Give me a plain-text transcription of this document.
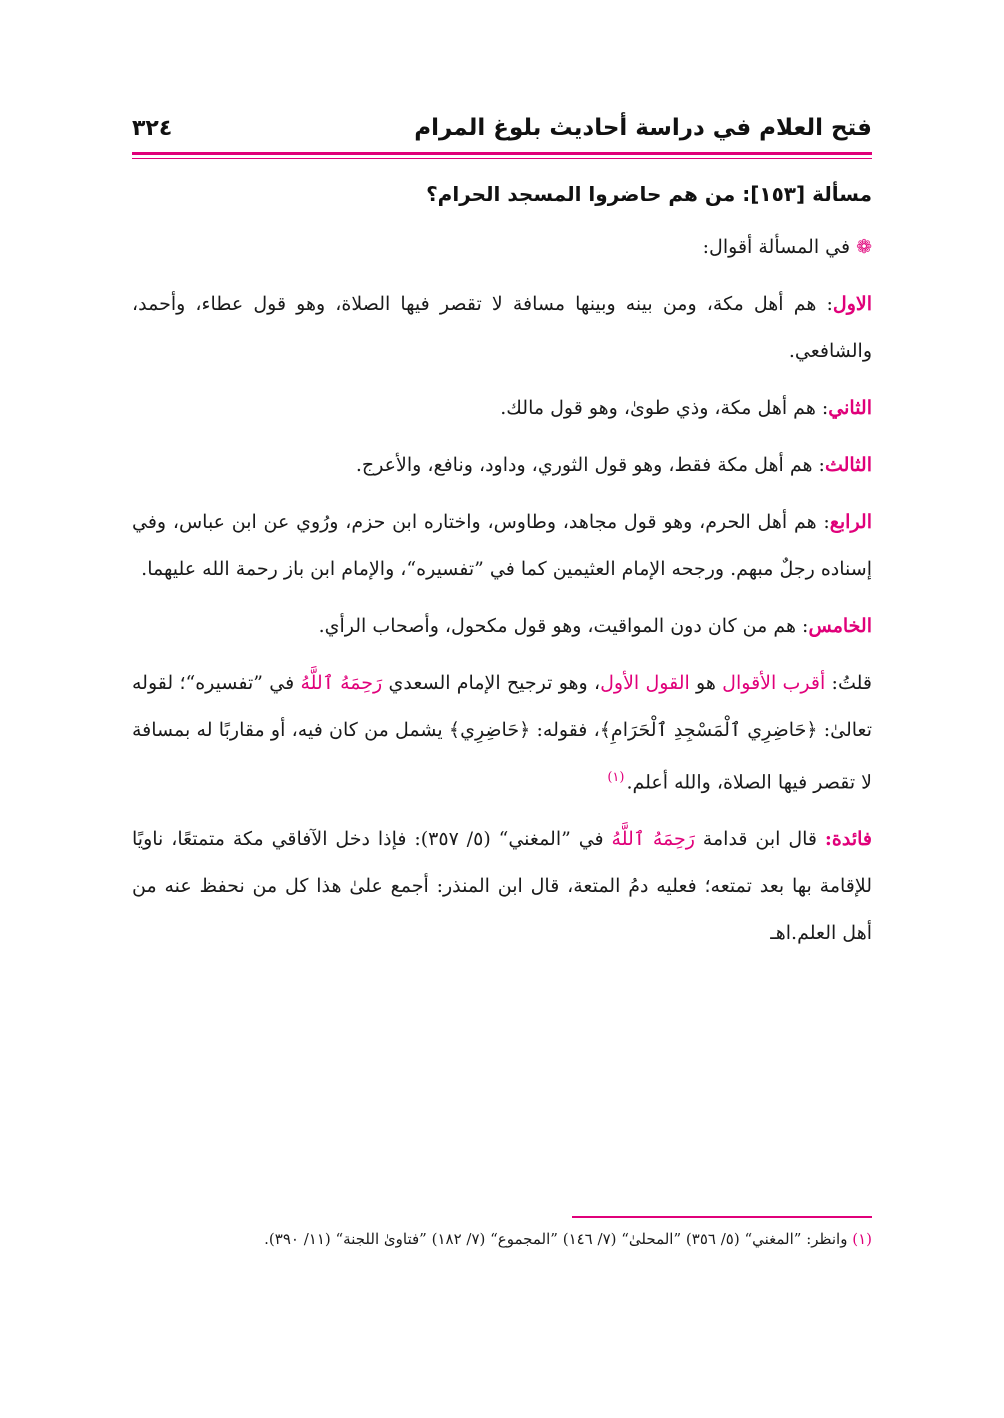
فتح العلام في دراسة أحاديث بلوغ المرام
٣٢٤

مسألة [١٥٣]: من هم حاضروا المسجد الحرام؟

❁في المسألة أقوال:

الاول: هم أهل مكة، ومن بينه وبينها مسافة لا تقصر فيها الصلاة، وهو قول عطاء، وأحمد، والشافعي.

الثاني: هم أهل مكة، وذي طوىٰ، وهو قول مالك.

الثالث: هم أهل مكة فقط، وهو قول الثوري، وداود، ونافع، والأعرج.

الرابع: هم أهل الحرم، وهو قول مجاهد، وطاوس، واختاره ابن حزم، ورُوي عن ابن عباس، وفي إسناده رجلٌ مبهم. ورجحه الإمام العثيمين كما في ”تفسيره“، والإمام ابن باز رحمة الله عليهما.

الخامس: هم من كان دون المواقيت، وهو قول مكحول، وأصحاب الرأي.

قلتُ: أقرب الأقوال هو القول الأول، وهو ترجيح الإمام السعدي رَحِمَهُ ٱللَّهُ في ”تفسيره“؛ لقوله تعالىٰ: ﴿حَاضِرِي ٱلْمَسْجِدِ ٱلْحَرَامِ﴾، فقوله: ﴿حَاضِرِي﴾ يشمل من كان فيه، أو مقاربًا له بمسافة لا تقصر فيها الصلاة، والله أعلم.$^{(١)}$

فائدة: قال ابن قدامة رَحِمَهُ ٱللَّهُ في ”المغني“ (٥/ ٣٥٧): فإذا دخل الآفاقي مكة متمتعًا، ناويًا للإقامة بها بعد تمتعه؛ فعليه دمُ المتعة، قال ابن المنذر: أجمع علىٰ هذا كل من نحفظ عنه من أهل العلم.اهـ

(١) وانظر: ”المغني“ (٥/ ٣٥٦) ”المحلىٰ“ (٧/ ١٤٦) ”المجموع“ (٧/ ١٨٢) ”فتاوىٰ اللجنة“ (١١/ ٣٩٠).
